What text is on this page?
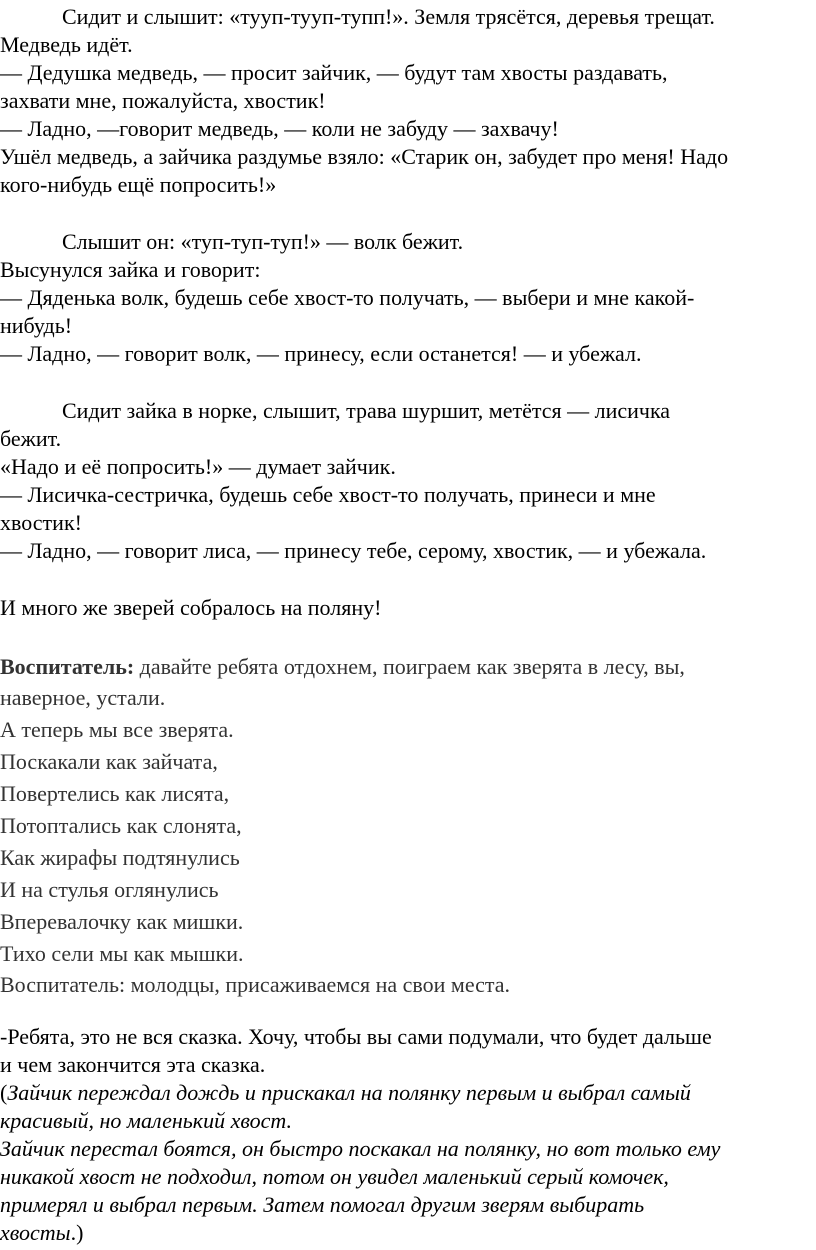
Сидит и слышит: «тууп-тууп-тупп!». Земля трясётся, деревья трещат.
Медведь идёт.
— Дедушка медведь, — просит зайчик, — будут там хвосты раздавать,
захвати мне, пожалуйста, хвостик!
— Ладно, —говорит медведь, — коли не забуду — захвачу!
Ушёл медведь, а зайчика раздумье взяло: «Старик он, забудет про меня! Надо
кого-нибудь ещё попросить!»
Слышит он: «туп-туп-туп!» — волк бежит.
Высунулся зайка и говорит:
— Дяденька волк, будешь себе хвост-то получать, — выбери и мне какой-
нибудь!
— Ладно, — говорит волк, — принесу, если останется! — и убежал.
Сидит зайка в норке, слышит, трава шуршит, метётся — лисичка
бежит.
«Надо и её попросить!» — думает зайчик.
— Лисичка-сестричка, будешь себе хвост-то получать, принеси и мне
хвостик!
— Ладно, — говорит лиса, — принесу тебе, серому, хвостик, — и убежала.
И много же зверей собралось на поляну!
Воспитатель: давайте ребята отдохнем, поиграем как зверята в лесу, вы,
наверное, устали.
А теперь мы все зверята.
Поскакали как зайчата,
Повертелись как лисята,
Потоптались как слонята,
Как жирафы подтянулись
И на стулья оглянулись
Вперевалочку как мишки.
Тихо сели мы как мышки.
Воспитатель: молодцы, присаживаемся на свои места.
-Ребята, это не вся сказка. Хочу, чтобы вы сами подумали, что будет дальше
и чем закончится эта сказка.
(Зайчик переждал дождь и прискакал на полянку первым и выбрал самый
красивый, но маленький хвост.
Зайчик перестал боятся, он быстро поскакал на полянку, но вот только ему
никакой хвост не подходил, потом он увидел маленький серый комочек,
примерял и выбрал первым. Затем помогал другим зверям выбирать
хвосты.)
